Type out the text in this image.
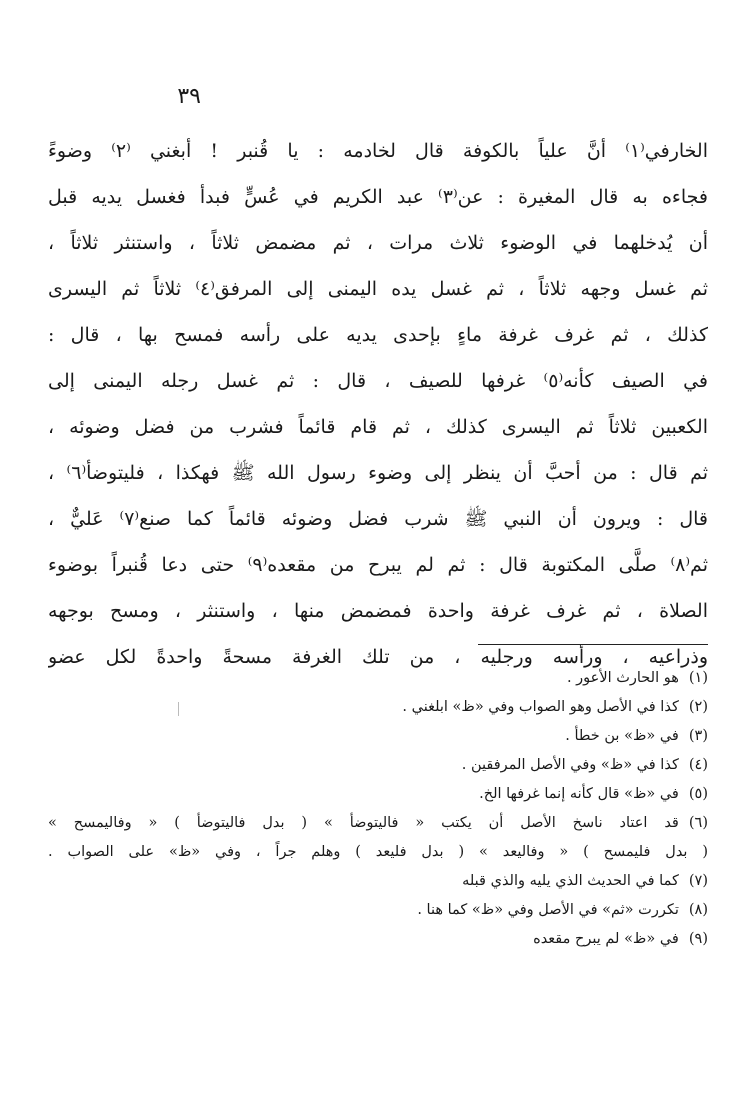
٣٩
الخارفي⁽١⁾ أنَّ علياً بالكوفة قال لخادمه : يا قُنبر ! أبغني ⁽٢⁾ وضوءً
فجاءه به قال المغيرة : عن⁽٣⁾ عبد الكريم في عُسٍّ فبدأ فغسل يديه قبل
أن يُدخلهما في الوضوء ثلاث مرات ، ثم مضمض ثلاثاً ، واستنثر ثلاثاً ،
ثم غسل وجهه ثلاثاً ، ثم غسل يده اليمنى إلى المرفق⁽٤⁾ ثلاثاً ثم اليسرى
كذلك ، ثم غرف غرفة ماءٍ بإحدى يديه على رأسه فمسح بها ، قال :
في الصيف كأنه⁽٥⁾ غرفها للصيف ، قال : ثم غسل رجله اليمنى إلى
الكعبين ثلاثاً ثم اليسرى كذلك ، ثم قام قائماً فشرب من فضل وضوئه ،
ثم قال : من أحبَّ أن ينظر إلى وضوء رسول الله ﷺ فهكذا ، فليتوضأ⁽٦⁾ ،
قال : ويرون أن النبي ﷺ شرب فضل وضوئه قائماً كما صنع⁽٧⁾ عَليٌّ ،
ثم⁽٨⁾ صلَّى المكتوبة قال : ثم لم يبرح من مقعده⁽٩⁾ حتى دعا قُنبراً بوضوء
الصلاة ، ثم غرف غرفة واحدة فمضمض منها ، واستنثر ، ومسح بوجهه
وذراعيه ، ورأسه ورجليه ، من تلك الغرفة مسحةً واحدةً لكل عضو
(١)هو الحارث الأعور .
(٢)كذا في الأصل وهو الصواب وفي «ظ» ابلغني .
(٣)في «ظ» بن خطأ .
(٤)كذا في «ظ» وفي الأصل المرفقين .
(٥)في «ظ» قال كأنه إنما غرفها الخ.
(٦)قد اعتاد ناسخ الأصل أن يكتب « فاليتوضأ » ( بدل فاليتوضأ ) « وفاليمسح »
( بدل فليمسح ) « وفاليعد » ( بدل فليعد ) وهلم جراً ، وفي «ظ» على الصواب .
(٧)كما في الحديث الذي يليه والذي قبله
(٨)تكررت «ثم» في الأصل وفي «ظ» كما هنا .
(٩)في «ظ» لم يبرح مقعده
